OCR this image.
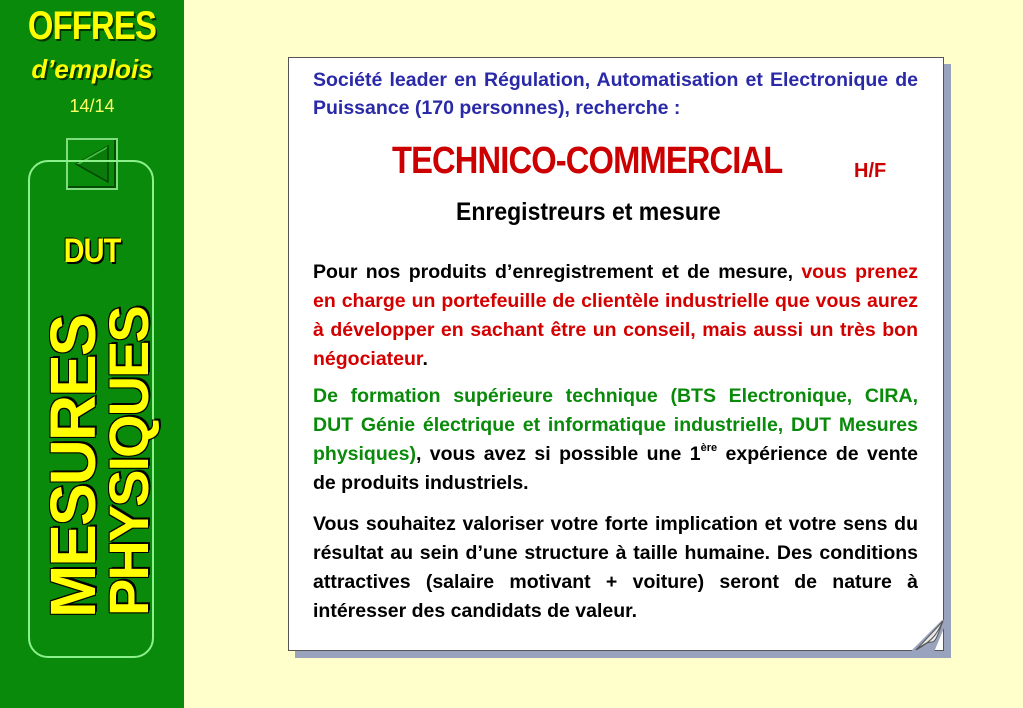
OFFRES
d’emplois
14/14
DUT
MESURES
PHYSIQUES

Société leader en Régulation, Automatisation et Electronique de Puissance (170 personnes), recherche :

TECHNICO-COMMERCIAL	H/F
Enregistreurs et mesure

Pour nos produits d’enregistrement et de mesure, vous prenez en charge un portefeuille de clientèle industrielle que vous aurez à développer en sachant être un conseil, mais aussi un très bon négociateur.

De formation supérieure technique (BTS Electronique, CIRA, DUT Génie électrique et informatique industrielle, DUT Mesures physiques), vous avez si possible une 1ère expérience de vente de produits industriels.

Vous souhaitez valoriser votre forte implication et votre sens du résultat au sein d’une structure à taille humaine. Des conditions attractives (salaire motivant + voiture) seront de nature à intéresser des candidats de valeur.
